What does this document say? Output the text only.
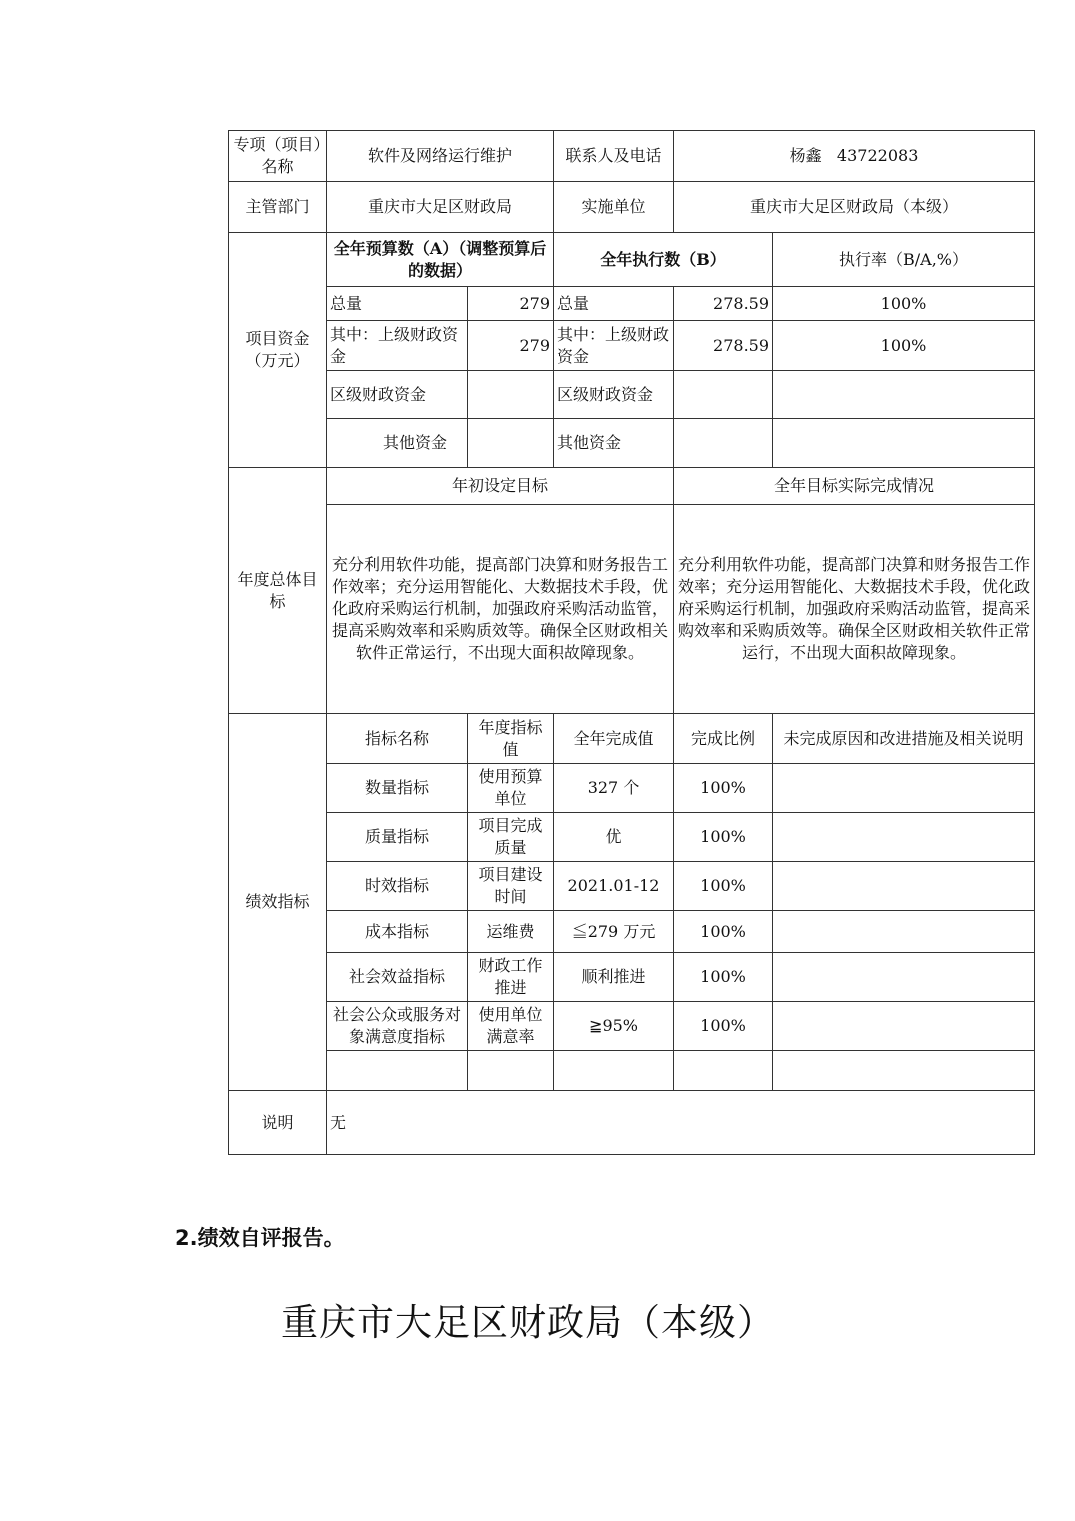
专项（项目）名称	软件及网络运行维护		联系人及电话	杨鑫   43722083	
主管部门	重庆市大足区财政局		实施单位	重庆市大足区财政局（本级）	
项目资金（万元）	全年预算数（A）（调整预算后的数据）		全年执行数（B）		执行率（B/A,%）
	总量	279	总量	278.59	100%
	其中：上级财政资金	279	其中：上级财政资金	278.59	100%
	区级财政资金		区级财政资金		
	其他资金		其他资金		
年度总体目标	年初设定目标			全年目标实际完成情况	
	充分利用软件功能，提高部门决算和财务报告工作效率；充分运用智能化、大数据技术手段，优化政府采购运行机制，加强政府采购活动监管，提高采购效率和采购质效等。确保全区财政相关软件正常运行，不出现大面积故障现象。			充分利用软件功能，提高部门决算和财务报告工作效率；充分运用智能化、大数据技术手段，优化政府采购运行机制，加强政府采购活动监管，提高采购效率和采购质效等。确保全区财政相关软件正常运行，不出现大面积故障现象。	
绩效指标	指标名称	年度指标值	全年完成值	完成比例	未完成原因和改进措施及相关说明
	数量指标	使用预算单位	327 个	100%	
	质量指标	项目完成质量	优	100%	
	时效指标	项目建设时间	2021.01-12	100%	
	成本指标	运维费	≦279 万元	100%	
	社会效益指标	财政工作推进	顺利推进	100%	
	社会公众或服务对象满意度指标	使用单位满意率	≧95%	100%	

说明	无				
2.绩效自评报告。
重庆市大足区财政局（本级）
